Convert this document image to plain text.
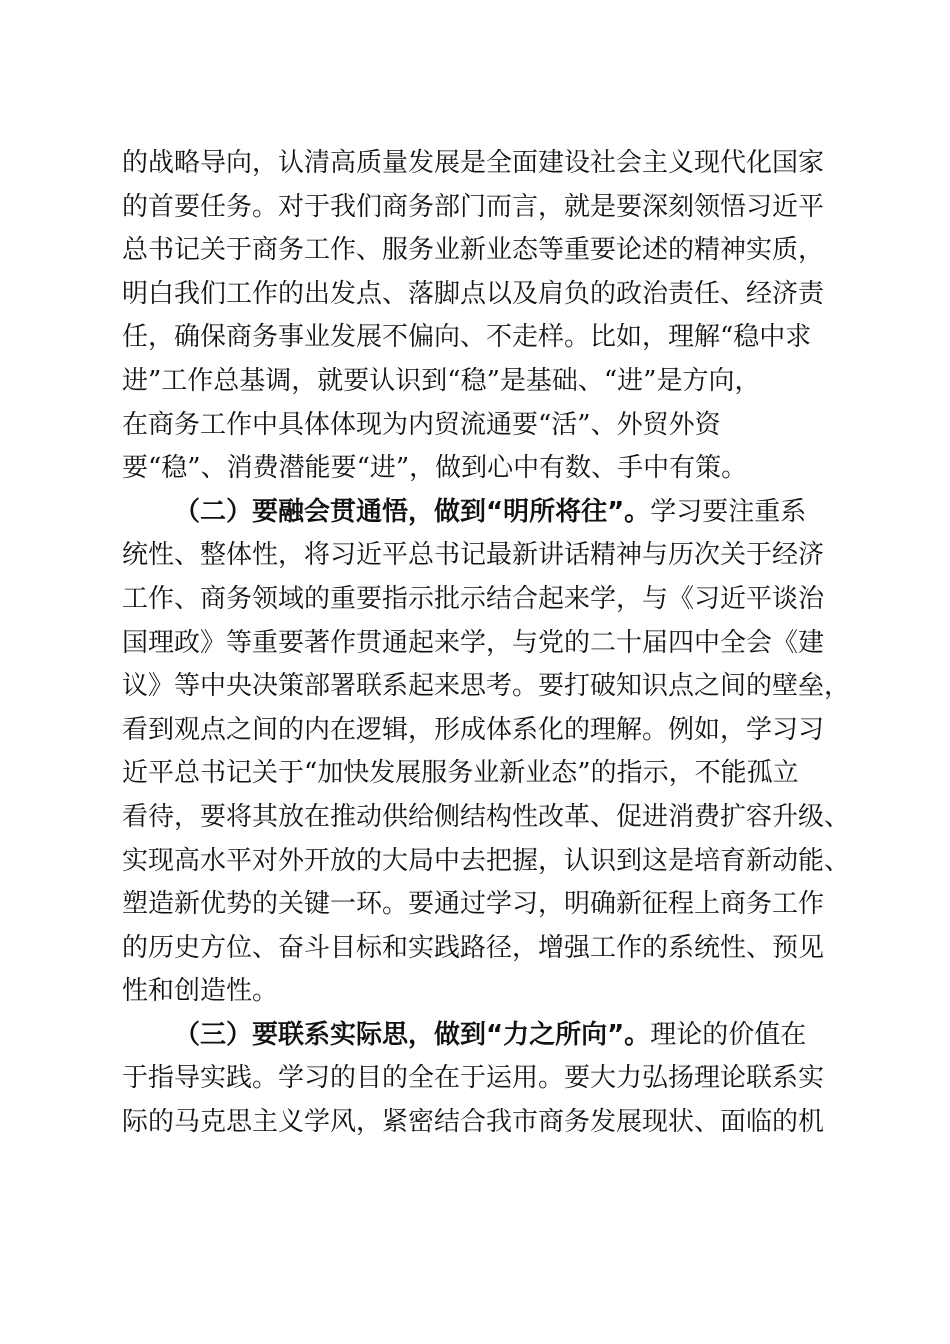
的战略导向，认清高质量发展是全面建设社会主义现代化国家
的首要任务。对于我们商务部门而言，就是要深刻领悟习近平
总书记关于商务工作、服务业新业态等重要论述的精神实质，
明白我们工作的出发点、落脚点以及肩负的政治责任、经济责
任，确保商务事业发展不偏向、不走样。比如，理解“稳中求
进”工作总基调，就要认识到“稳”是基础、“进”是方向，
在商务工作中具体体现为内贸流通要“活”、外贸外资
要“稳”、消费潜能要“进”，做到心中有数、手中有策。
（二）要融会贯通悟，做到“明所将往”。学习要注重系
统性、整体性，将习近平总书记最新讲话精神与历次关于经济
工作、商务领域的重要指示批示结合起来学，与《习近平谈治
国理政》等重要著作贯通起来学，与党的二十届四中全会《建
议》等中央决策部署联系起来思考。要打破知识点之间的壁垒，
看到观点之间的内在逻辑，形成体系化的理解。例如，学习习
近平总书记关于“加快发展服务业新业态”的指示，不能孤立
看待，要将其放在推动供给侧结构性改革、促进消费扩容升级、
实现高水平对外开放的大局中去把握，认识到这是培育新动能、
塑造新优势的关键一环。要通过学习，明确新征程上商务工作
的历史方位、奋斗目标和实践路径，增强工作的系统性、预见
性和创造性。
（三）要联系实际思，做到“力之所向”。理论的价值在
于指导实践。学习的目的全在于运用。要大力弘扬理论联系实
际的马克思主义学风，紧密结合我市商务发展现状、面临的机
